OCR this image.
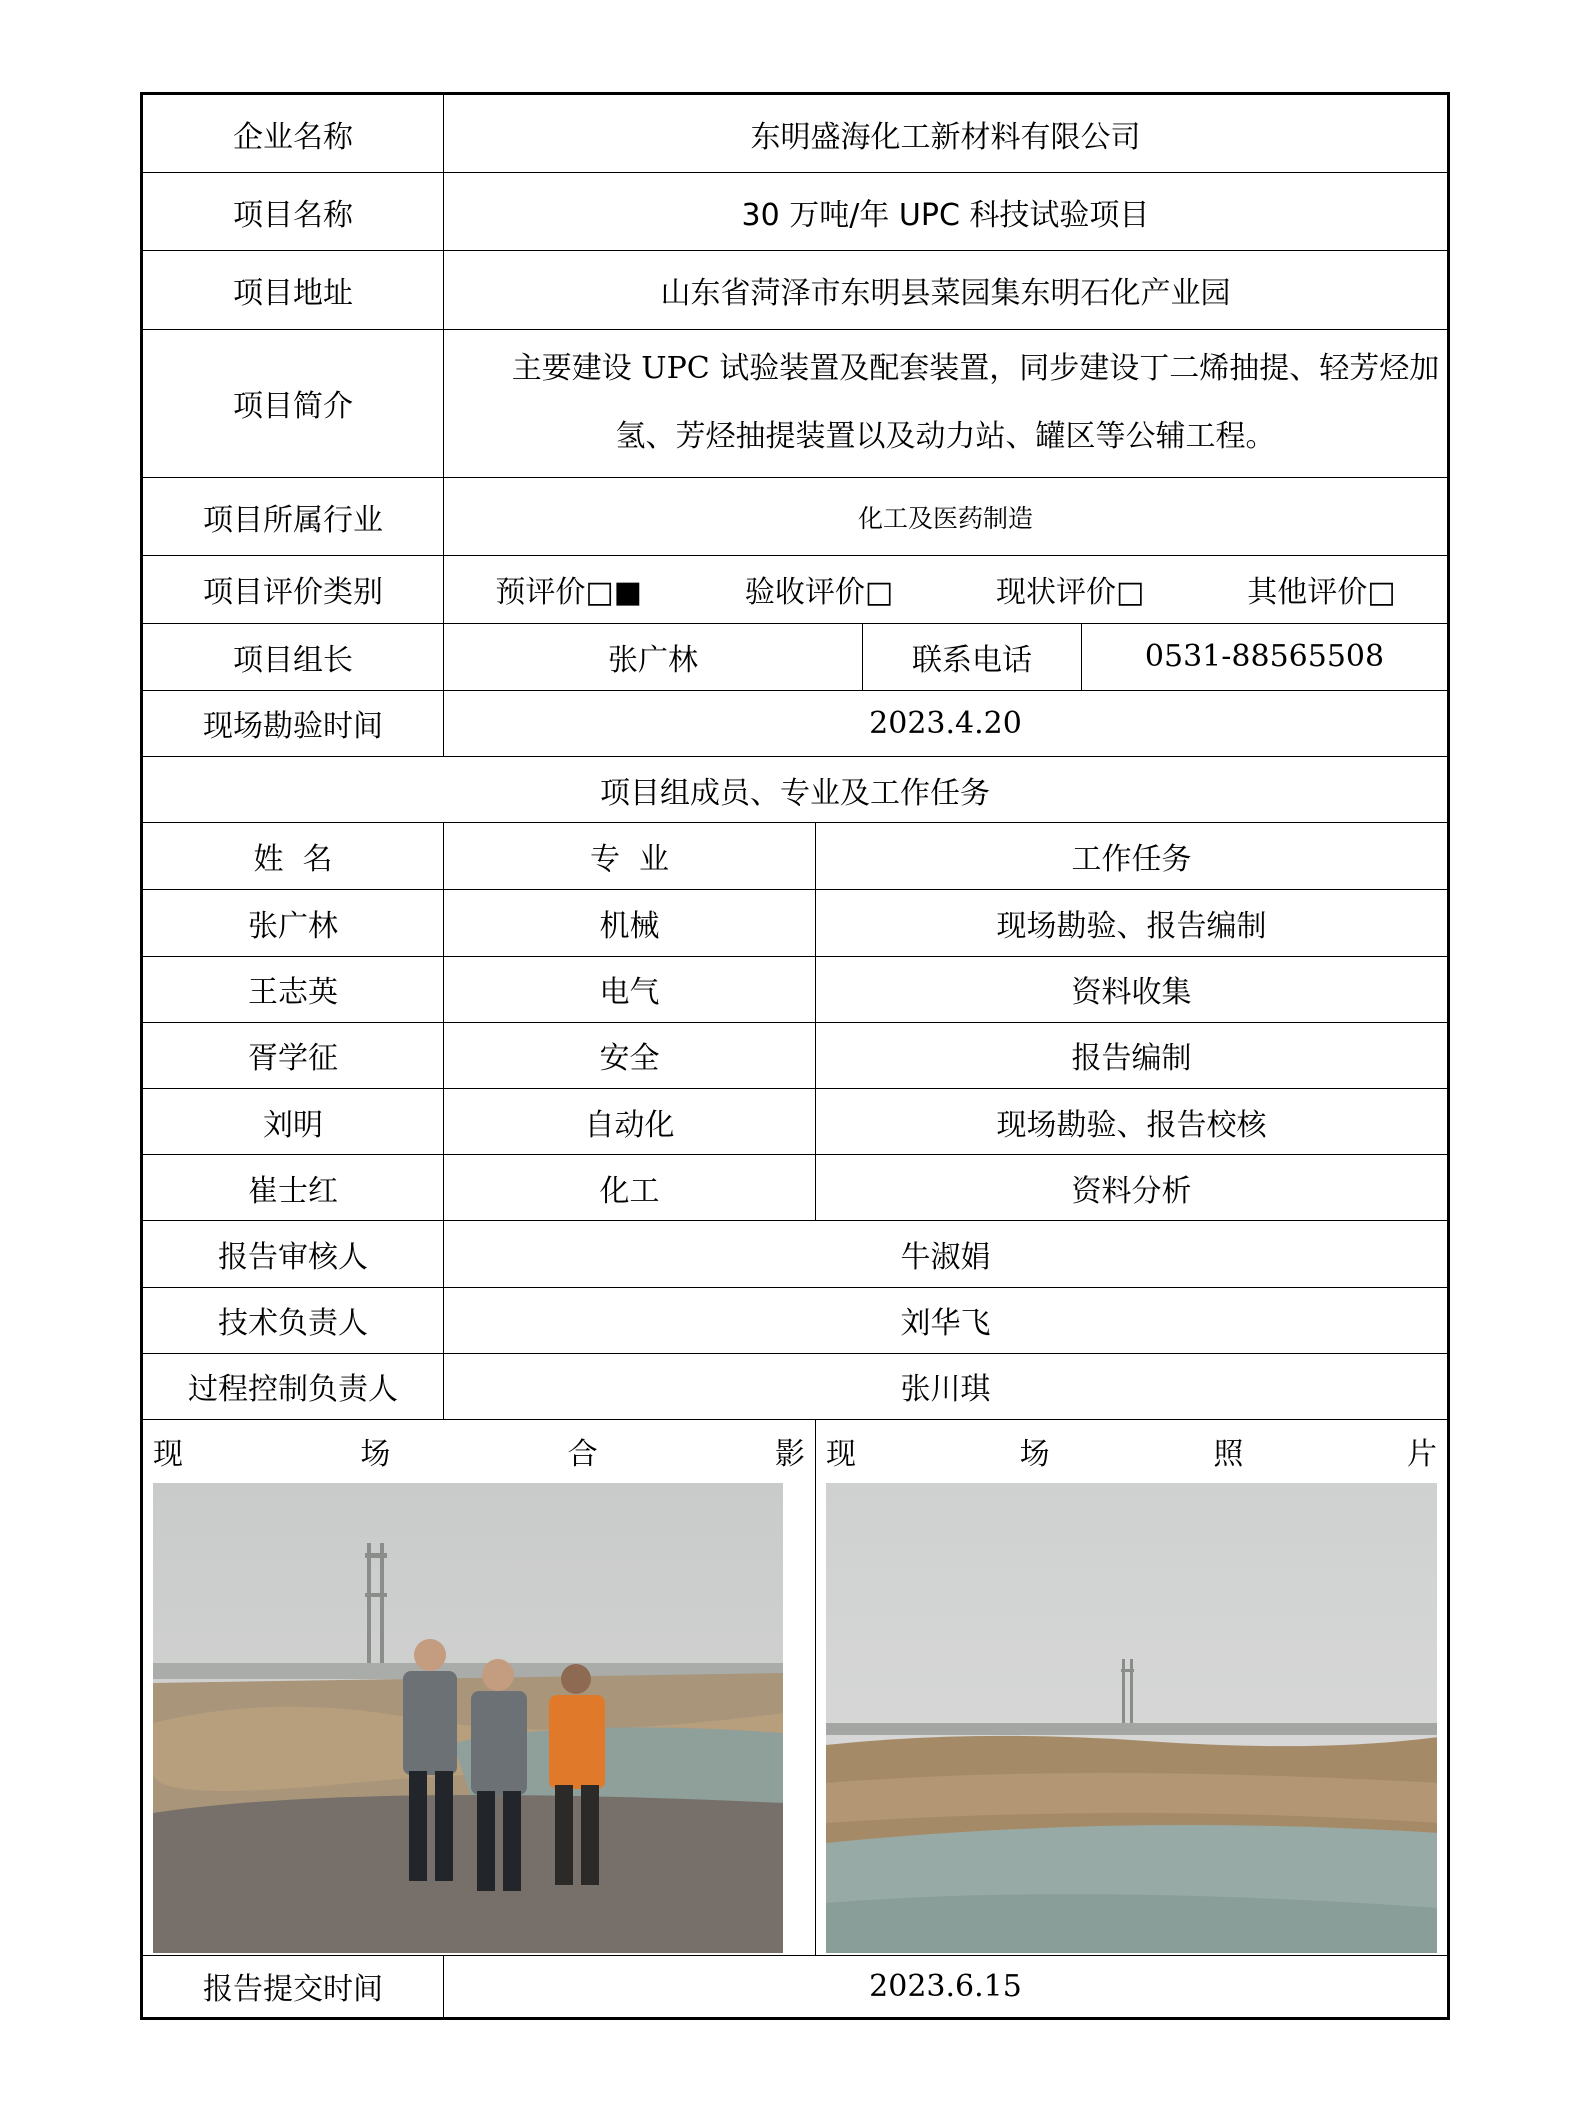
企业名称	东明盛海化工新材料有限公司			
项目名称	30 万吨/年 UPC 科技试验项目			
项目地址	山东省菏泽市东明县菜园集东明石化产业园			
项目简介	主要建设 UPC 试验装置及配套装置，同步建设丁二烯抽提、轻芳烃加氢、芳烃抽提装置以及动力站、罐区等公辅工程。			

项目所属行业	化工及医药制造			
项目评价类别	预评价□■ 验收评价□ 现状评价□ 其他评价□			

项目组长	张广林		联系电话	0531-88565508
现场勘验时间	2023.4.20			
项目组成员、专业及工作任务				
姓  名	专  业	工作任务		
张广林	机械	现场勘验、报告编制		
王志英	电气	资料收集		
胥学征	安全	报告编制		
刘明	自动化	现场勘验、报告校核		
崔士红	化工	资料分析		
报告审核人	牛淑娟			
技术负责人	刘华飞			
过程控制负责人	张川琪			

现 场 合 影		现 场 照 片		

报告提交时间	2023.6.15			
